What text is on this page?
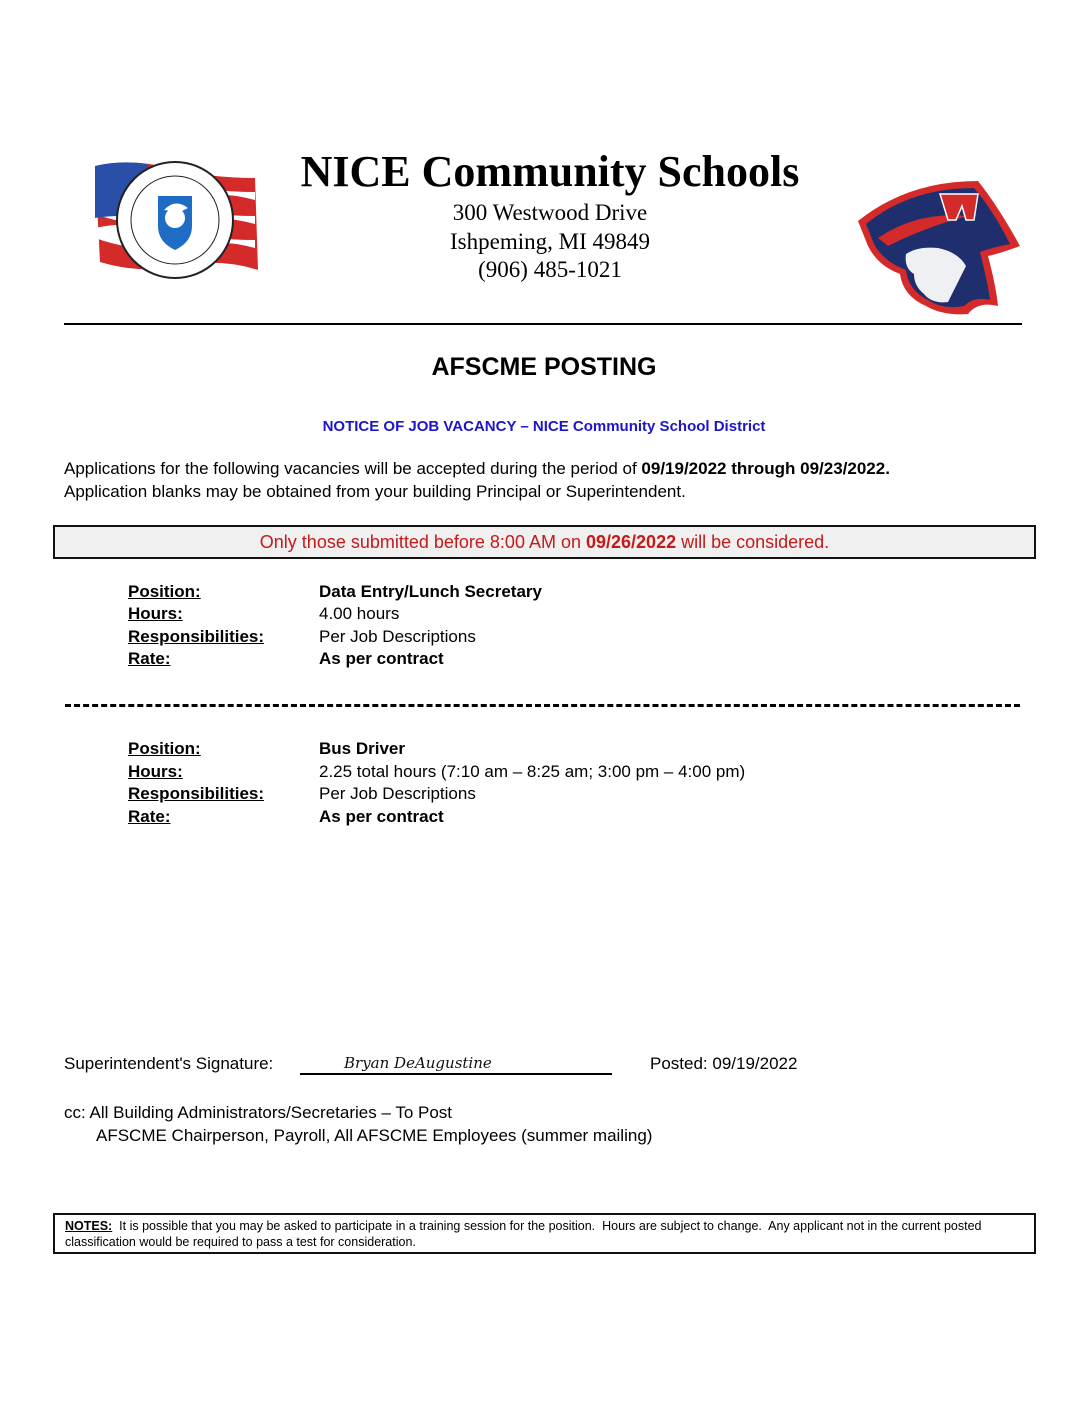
NICE Community Schools
300 Westwood Drive
Ishpeming, MI 49849
(906) 485-1021
AFSCME POSTING
NOTICE OF JOB VACANCY – NICE Community School District
Applications for the following vacancies will be accepted during the period of 09/19/2022 through 09/23/2022.
Application blanks may be obtained from your building Principal or Superintendent.
Only those submitted before 8:00 AM on 09/26/2022 will be considered.
Position:	Data Entry/Lunch Secretary
Hours:	4.00 hours
Responsibilities:	Per Job Descriptions
Rate:	As per contract
Position:	Bus Driver
Hours:	2.25 total hours (7:10 am – 8:25 am; 3:00 pm – 4:00 pm)
Responsibilities:	Per Job Descriptions
Rate:	As per contract
Superintendent's Signature:	Bryan DeAugustine	Posted: 09/19/2022
cc: All Building Administrators/Secretaries – To Post
AFSCME Chairperson, Payroll, All AFSCME Employees (summer mailing)
NOTES:  It is possible that you may be asked to participate in a training session for the position.  Hours are subject to change.  Any applicant not in the current posted classification would be required to pass a test for consideration.
